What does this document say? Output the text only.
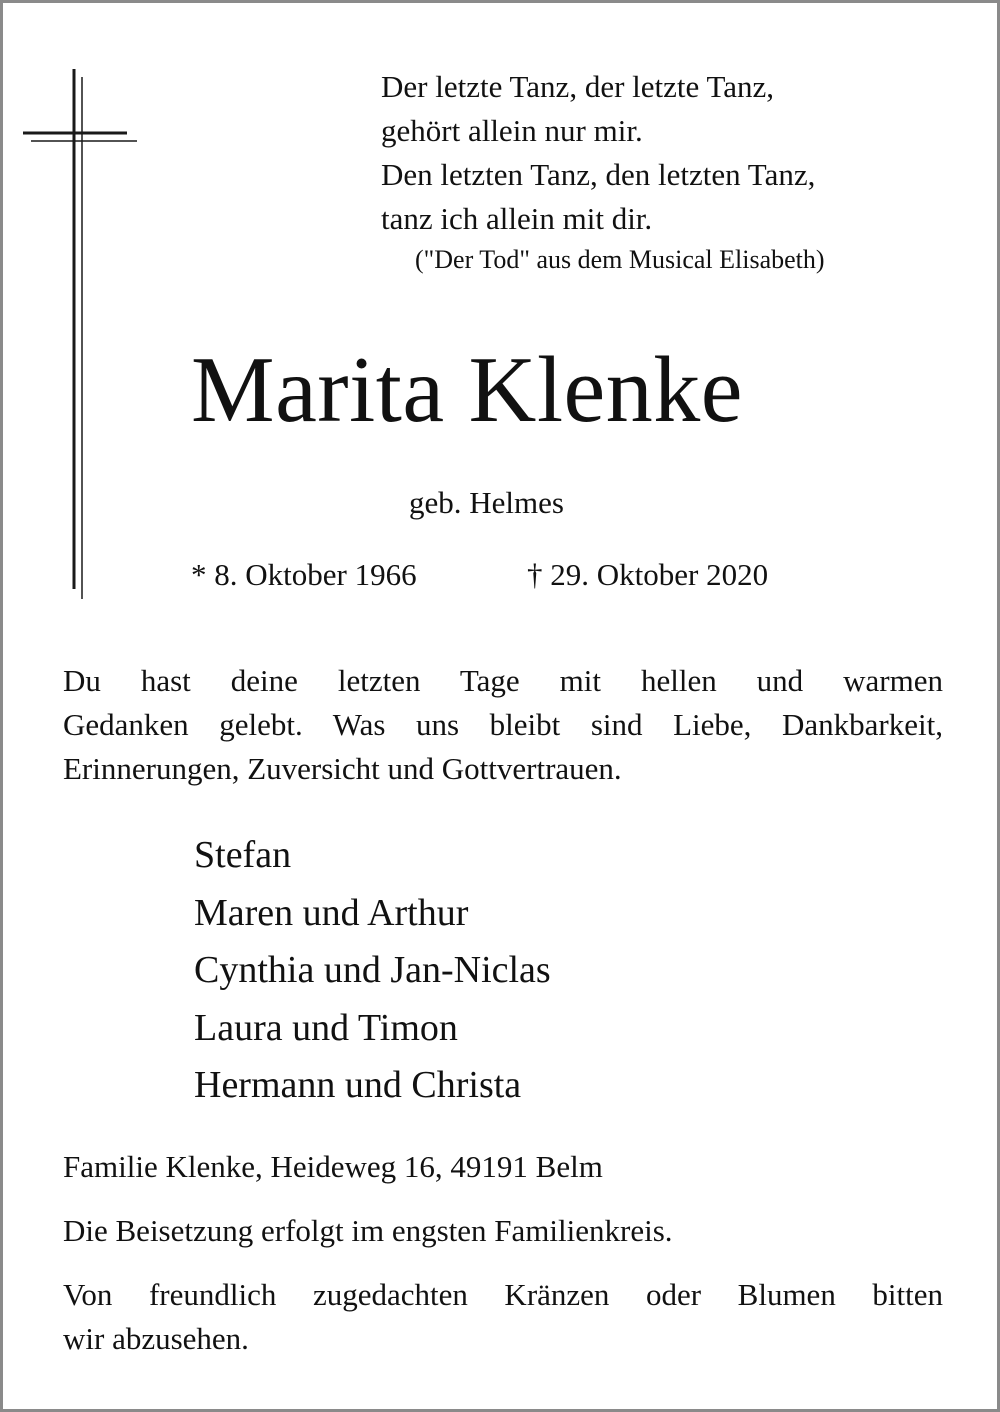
Der letzte Tanz, der letzte Tanz,
gehört allein nur mir.
Den letzten Tanz, den letzten Tanz,
tanz ich allein mit dir.
("Der Tod" aus dem Musical Elisabeth)
Marita Klenke
geb. Helmes
* 8. Oktober 1966	† 29. Oktober 2020
Du hast deine letzten Tage mit hellen und warmen
Gedanken gelebt. Was uns bleibt sind Liebe, Dankbarkeit,
Erinnerungen, Zuversicht und Gottvertrauen.
Stefan
Maren und Arthur
Cynthia und Jan-Niclas
Laura und Timon
Hermann und Christa
Familie Klenke, Heideweg 16, 49191 Belm
Die Beisetzung erfolgt im engsten Familienkreis.
Von freundlich zugedachten Kränzen oder Blumen bitten
wir abzusehen.
